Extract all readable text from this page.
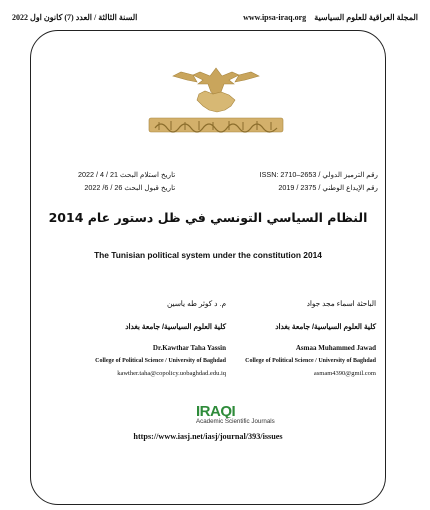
السنة الثالثة / العدد (7) كانون اول 2022	المجلة العراقية للعلوم السياسية    www.ipsa-iraq.org
رقم الترميز الدولي / 2653–2710 :ISSN
رقم الإيداع الوطني / 2375 / 2019
تاريخ استلام البحث 21 / 4 / 2022
تاريخ قبول البحث 26 / 6/ 2022
النظام السياسي التونسي في ظل دستور عام 2014
The Tunisian political system under the constitution 2014
الباحثة اسماء مجد جواد
كلية العلوم السياسية/ جامعة بغداد
Asmaa Muhammed Jawad
College of Political Science / University of Baghdad
asmam4390@gmil.com
م. د كوثر طه ياسين
كلية العلوم السياسية/ جامعة بغداد
Dr.Kawthar Taha Yassin
College of Political Science / University of Baghdad
kawther.taha@copolicy.uobaghdad.edu.iq
IRAQI
Academic Scientific Journals
https://www.iasj.net/iasj/journal/393/issues
